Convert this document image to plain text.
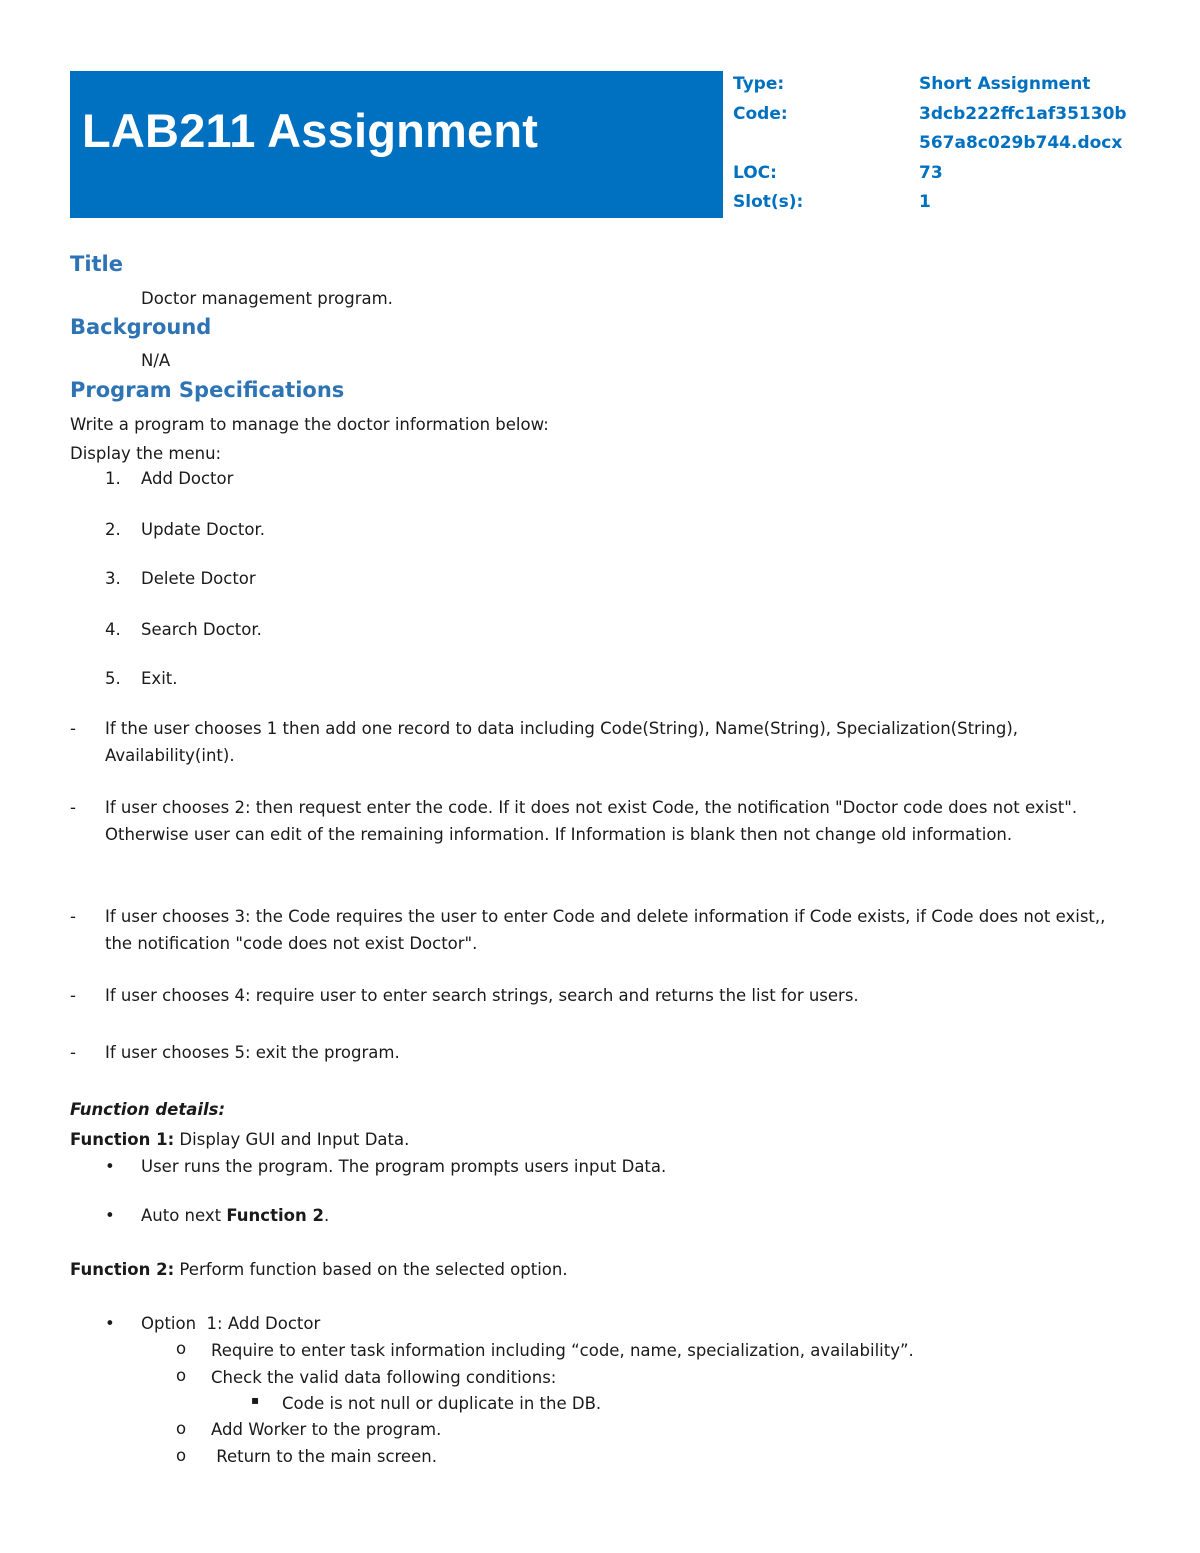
LAB211 Assignment
Type:	Short Assignment
Code:	3dcb222ffc1af35130b
567a8c029b744.docx
LOC:	73
Slot(s):	1
Title
Doctor management program.
Background
N/A
Program Specifications
Write a program to manage the doctor information below:
Display the menu:
1. Add Doctor
2. Update Doctor.
3. Delete Doctor
4. Search Doctor.
5. Exit.
- If the user chooses 1 then add one record to data including Code(String), Name(String), Specialization(String), Availability(int).
- If user chooses 2: then request enter the code. If it does not exist Code, the notification "Doctor code does not exist". Otherwise user can edit of the remaining information. If Information is blank then not change old information.
- If user chooses 3: the Code requires the user to enter Code and delete information if Code exists, if Code does not exist,, the notification "code does not exist Doctor".
- If user chooses 4: require user to enter search strings, search and returns the list for users.
- If user chooses 5: exit the program.
Function details:
Function 1: Display GUI and Input Data.
• User runs the program. The program prompts users input Data.
• Auto next Function 2.
Function 2: Perform function based on the selected option.
• Option  1: Add Doctor
o Require to enter task information including “code, name, specialization, availability”.
o Check the valid data following conditions:
▪ Code is not null or duplicate in the DB.
o Add Worker to the program.
o Return to the main screen.
